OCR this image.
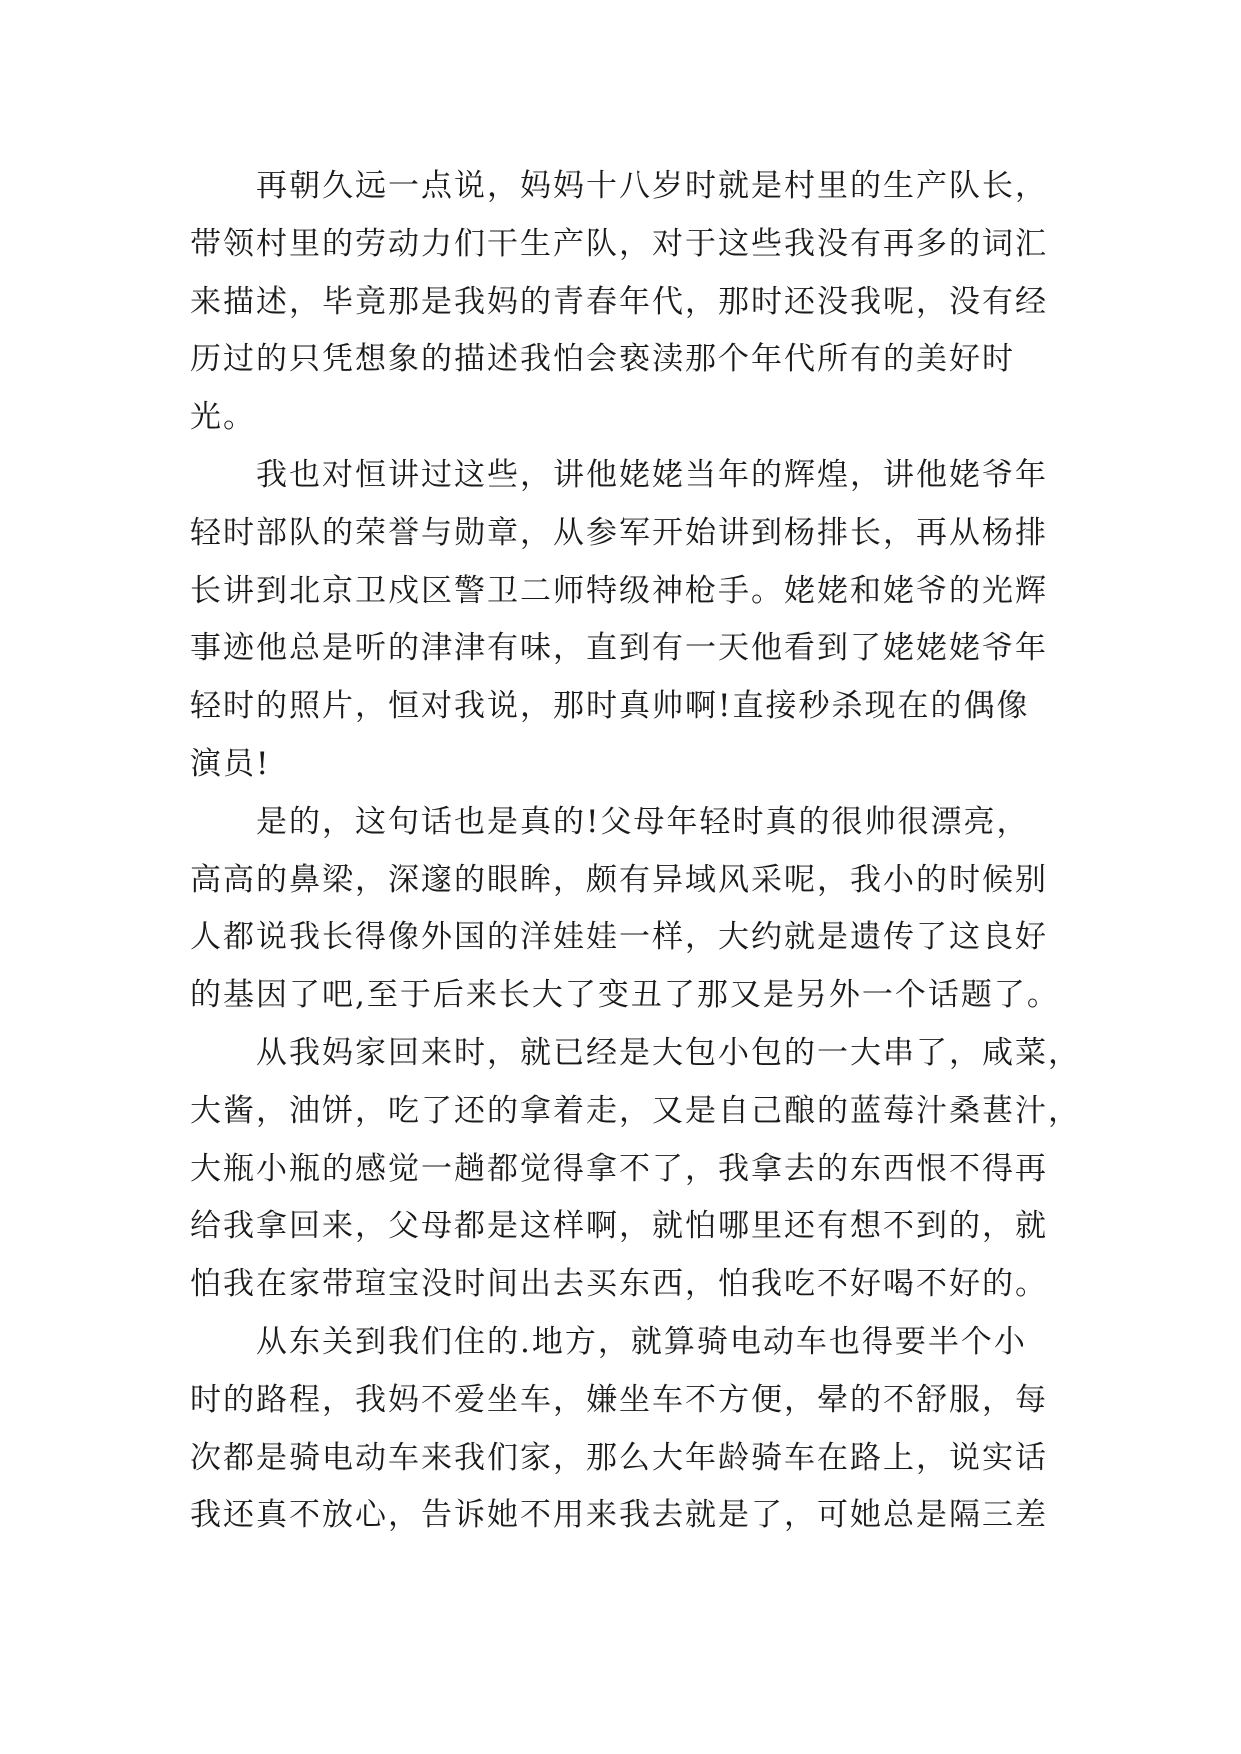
再朝久远一点说，妈妈十八岁时就是村里的生产队长，
带领村里的劳动力们干生产队，对于这些我没有再多的词汇
来描述，毕竟那是我妈的青春年代，那时还没我呢，没有经
历过的只凭想象的描述我怕会亵渎那个年代所有的美好时
光。
我也对恒讲过这些，讲他姥姥当年的辉煌，讲他姥爷年
轻时部队的荣誉与勋章，从参军开始讲到杨排长，再从杨排
长讲到北京卫戍区警卫二师特级神枪手。姥姥和姥爷的光辉
事迹他总是听的津津有味，直到有一天他看到了姥姥姥爷年
轻时的照片，恒对我说，那时真帅啊!直接秒杀现在的偶像
演员!
是的，这句话也是真的!父母年轻时真的很帅很漂亮，
高高的鼻梁，深邃的眼眸，颇有异域风采呢，我小的时候别
人都说我长得像外国的洋娃娃一样，大约就是遗传了这良好
的基因了吧,至于后来长大了变丑了那又是另外一个话题了。
从我妈家回来时，就已经是大包小包的一大串了，咸菜，
大酱，油饼，吃了还的拿着走，又是自己酿的蓝莓汁桑葚汁，
大瓶小瓶的感觉一趟都觉得拿不了，我拿去的东西恨不得再
给我拿回来，父母都是这样啊，就怕哪里还有想不到的，就
怕我在家带瑄宝没时间出去买东西，怕我吃不好喝不好的。
从东关到我们住的.地方，就算骑电动车也得要半个小
时的路程，我妈不爱坐车，嫌坐车不方便，晕的不舒服，每
次都是骑电动车来我们家，那么大年龄骑车在路上，说实话
我还真不放心，告诉她不用来我去就是了，可她总是隔三差
